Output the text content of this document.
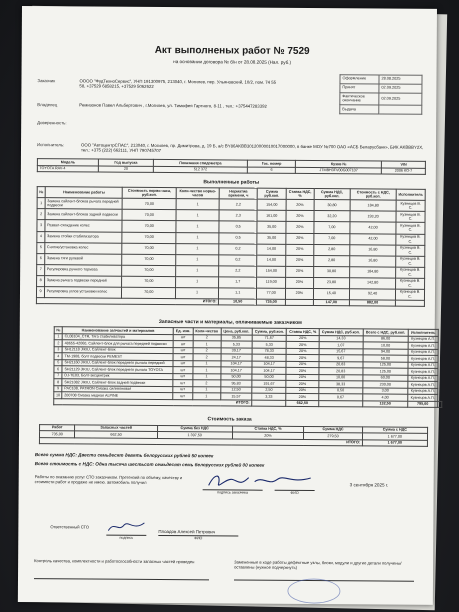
Акт выполненых работ № 7529
на основании договора № б/н от 28.08.2025 (Нал. руб.)
Заказчик	ОООО "ФудТехноСервис", УНП 191300975, 213040, г. Могилев, пер. Ульяновский, 10/2, пом. 74 55 58, +37529 6858215, +37529 5062622
Владелец	Ремизонов Павел Альбертович , г.Могилев, ул. Тимофея Гартного, 8-11 , тел.: +375447283392
Доверенность:
Оформление	28.08.2025
Принят	02.09.2025
Фактическое окончание	02.09.2025
Выдача	
Исполнитель:	ООО "АвтоцентрСПАС", 213040, г. Могилев, пр. Димитрова, д. 19 Б, а/с BY86AKBB30120000010017000000, в банке МОУ №700 ОАО «АСБ Беларусбанк», БИК AKBBBY2X, тел.: +375 (222) 662111, УНП 790745707
Модель	Год выпуска	Показания спидометра	Гос. номер	Кузов №	VIN
TOYOTA RAV-4	20	512 372	6	JTMBH3FV00G007107	2006 КО-7
Выполненные работы
№	Наименование работы	Стоимость нормо-часа, руб.коп.	Коли-чество нормо-часов	Норматив времени, ч	Сумма руб.коп.	Ставка НДС, %	Сумма НДС, руб.коп.	Стоимость с НДС, руб.коп.	Исполнитель
1	Замена сайлент-блоков рычага передней подвески	70,00	1	2,2	154,00	20%	30,80	184,80	Кузнецов В. С.
2	Замена сайлент-блоков задней подвески	70,00	1	2,3	161,00	20%	32,20	193,20	Кузнецов В. С.
3	Развал-схождение колес	70,00	1	0,5	35,00	20%	7,00	42,00	Кузнецов В. С.
4	Замена стойки стабилизатора	70,00	1	0,5	35,00	20%	7,00	42,00	Кузнецов В. С.
5	Снятие/установка колес	70,00	1	0,2	14,00	20%	2,80	16,80	Кузнецов В. С.
6	Замена тяги рулевой	70,00	1	0,2	14,00	20%	2,80	16,80	Кузнецов В. С.
7	Регулировка ручного тормоза	70,00	1	2,2	154,00	20%	30,80	184,80	Кузнецов В. С.
8	Замена рычага подвески передней	70,00	1	1,7	119,00	20%	23,80	142,80	Кузнецов В. С.
9	Регулировка углов установки колес	70,00	1	1,1	77,00	20%	15,40	92,40	Кузнецов В. С.
ИТОГО:				10,50	735,00		147,00	882,00	
Запасные части и материалы, оплачиваемые заказчиком
№	Наименование запчастей и материалов	Ед. изм.	Коли-чество	Цена, руб.коп.	Сумма, руб.коп.	Ставка НДС, %	Сумма НДС, руб.коп.	Всего с НДС, руб.коп.	Исполнитель	
1	CL08104_CTR, Тяга стабилизатора	шт	2	35,85	71,67	20%	14,33	86,00	Кузнецов А.П.	
2	48655-42060, Сайлент-блок для рычага передней подвески	шт	1	5,33	5,33	20%	1,07	10,00	Кузнецов А.П.	
3	SH12118 JIKIU, Сайлент-блок	шт	2	39,17	78,33	20%	15,67	94,00	Кузнецов А.П.	
4	ТМ-1908, болт подвески PEMEST	шт	2	24,17	48,33	20%	9,67	58,00	Кузнецов А.П.	
5	SH21160 JIKIU, Сайлент-блок переднего рычага передний	шт	1	104,17	104,17	20%	20,83	125,00	Кузнецов А.П.	
6	SH21129 JIKIU, Сайлент-блок переднего рычага TOYOTA	шт	1	104,17	104,17	20%	20,83	125,00	Кузнецов А.П.	
7	DJ-TE03, Болт-эксцентрик	шт	1	50,00	50,00	20%	10,00	60,00	Кузнецов А.П.	
8	SH21082 JIKIU, Сайлент-блок задней подвески	шт	2	95,83	191,67	20%	38,33	230,00	Кузнецов А.П.	
9	PAC108, PATRON Смазка силиконовая	шт	1	12,50	2,50	20%	0,50	3,00	Кузнецов А.П.	
10	200708 Смазка медная ALPINE	шт	1	15,57	3,33	20%	0,67	4,00	Кузнецов А.П.	
ИТОГО:						662,50		132,50	795,00	
Стоимость заказа
Работ	Запасных частей	Сумма без НДС	Ставка НДС, %	Сумма НДС	Сумма с НДС
735,00	662,50	1 397,50	20%	279,50	1 677,00
ИТОГО:					1 677,00
Всего сумма НДС: Двести семьдесят девять белорусских рублей 50 копеек
Всего стоимость с НДС: Одна тысяча шестьсот семьдесят семь белорусских рублей 00 копеек
Работы по оказанию услуг СТО заказчиком. Претензий по объему, качеству и стоимости работ и продаже не имею. автомобиль получил
подпись заказчика	ФИО
3 сентября 2025 г.
Ответственный СТО
подпись
Плоадов Алексей Петрович
ФИО
Контроль качества, комплектности и работоспособности запасных частей проведен	Замененные в ходе работы дефектные узлы, блоки, модули и другие детали получены/оставлены (нужное подчеркнуть)
